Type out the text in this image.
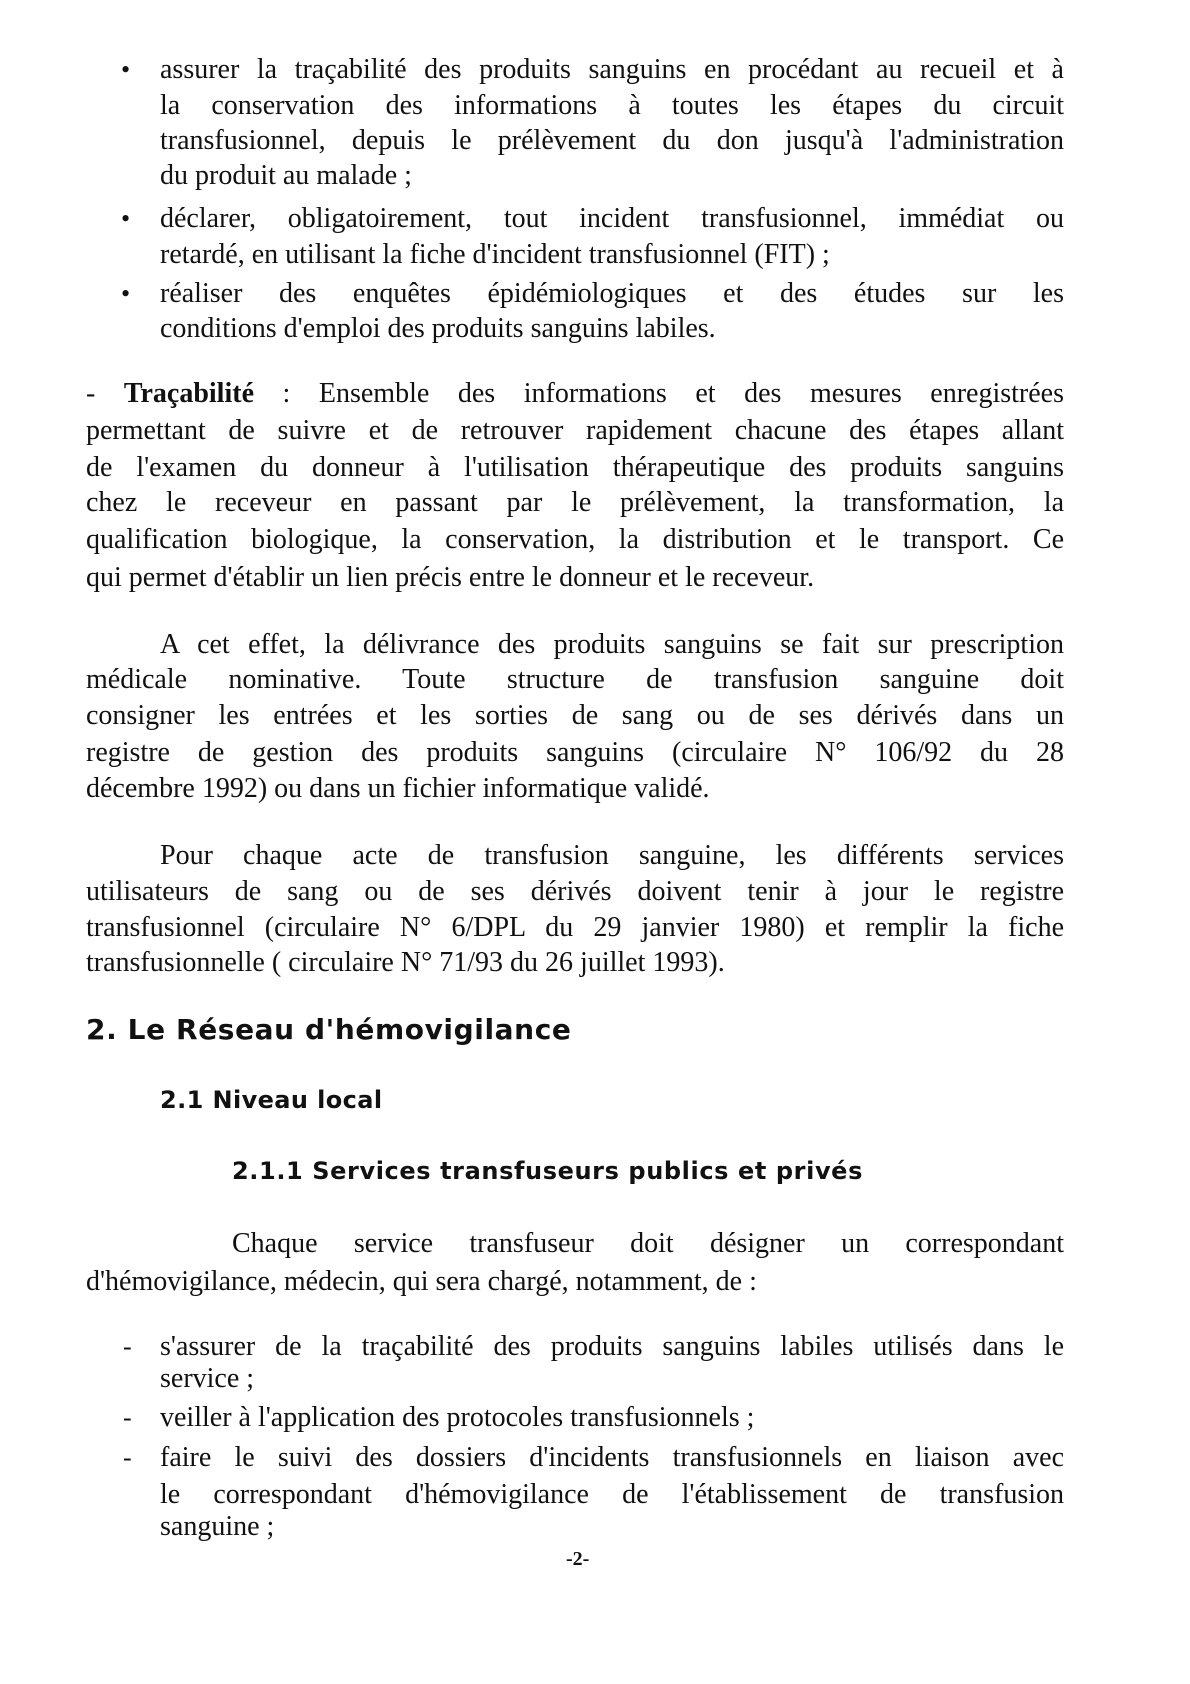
2. Le Réseau d'hémovigilance
2.1 Niveau local
2.1.1 Services transfuseurs publics et privés
-2-
• assurer la traçabilité des produits sanguins en procédant au recueil et à
la conservation des informations à toutes les étapes du circuit
transfusionnel, depuis le prélèvement du don jusqu'à l'administration
du produit au malade ;
• déclarer, obligatoirement, tout incident transfusionnel, immédiat ou
retardé, en utilisant la fiche d'incident transfusionnel (FIT) ;
• réaliser des enquêtes épidémiologiques et des études sur les
conditions d'emploi des produits sanguins labiles.
- Traçabilité : Ensemble des informations et des mesures enregistrées
permettant de suivre et de retrouver rapidement chacune des étapes allant
de l'examen du donneur à l'utilisation thérapeutique des produits sanguins
chez le receveur en passant par le prélèvement, la transformation, la
qualification biologique, la conservation, la distribution et le transport. Ce
qui permet d'établir un lien précis entre le donneur et le receveur.
A cet effet, la délivrance des produits sanguins se fait sur prescription
médicale nominative. Toute structure de transfusion sanguine doit
consigner les entrées et les sorties de sang ou de ses dérivés dans un
registre de gestion des produits sanguins (circulaire N° 106/92 du 28
décembre 1992) ou dans un fichier informatique validé.
Pour chaque acte de transfusion sanguine, les différents services
utilisateurs de sang ou de ses dérivés doivent tenir à jour le registre
transfusionnel (circulaire N° 6/DPL du 29 janvier 1980) et remplir la fiche
transfusionnelle ( circulaire N° 71/93 du 26 juillet 1993).
Chaque service transfuseur doit désigner un correspondant
d'hémovigilance, médecin, qui sera chargé, notamment, de :
- s'assurer de la traçabilité des produits sanguins labiles utilisés dans le
service ;
- veiller à l'application des protocoles transfusionnels ;
- faire le suivi des dossiers d'incidents transfusionnels en liaison avec
le correspondant d'hémovigilance de l'établissement de transfusion
sanguine ;
